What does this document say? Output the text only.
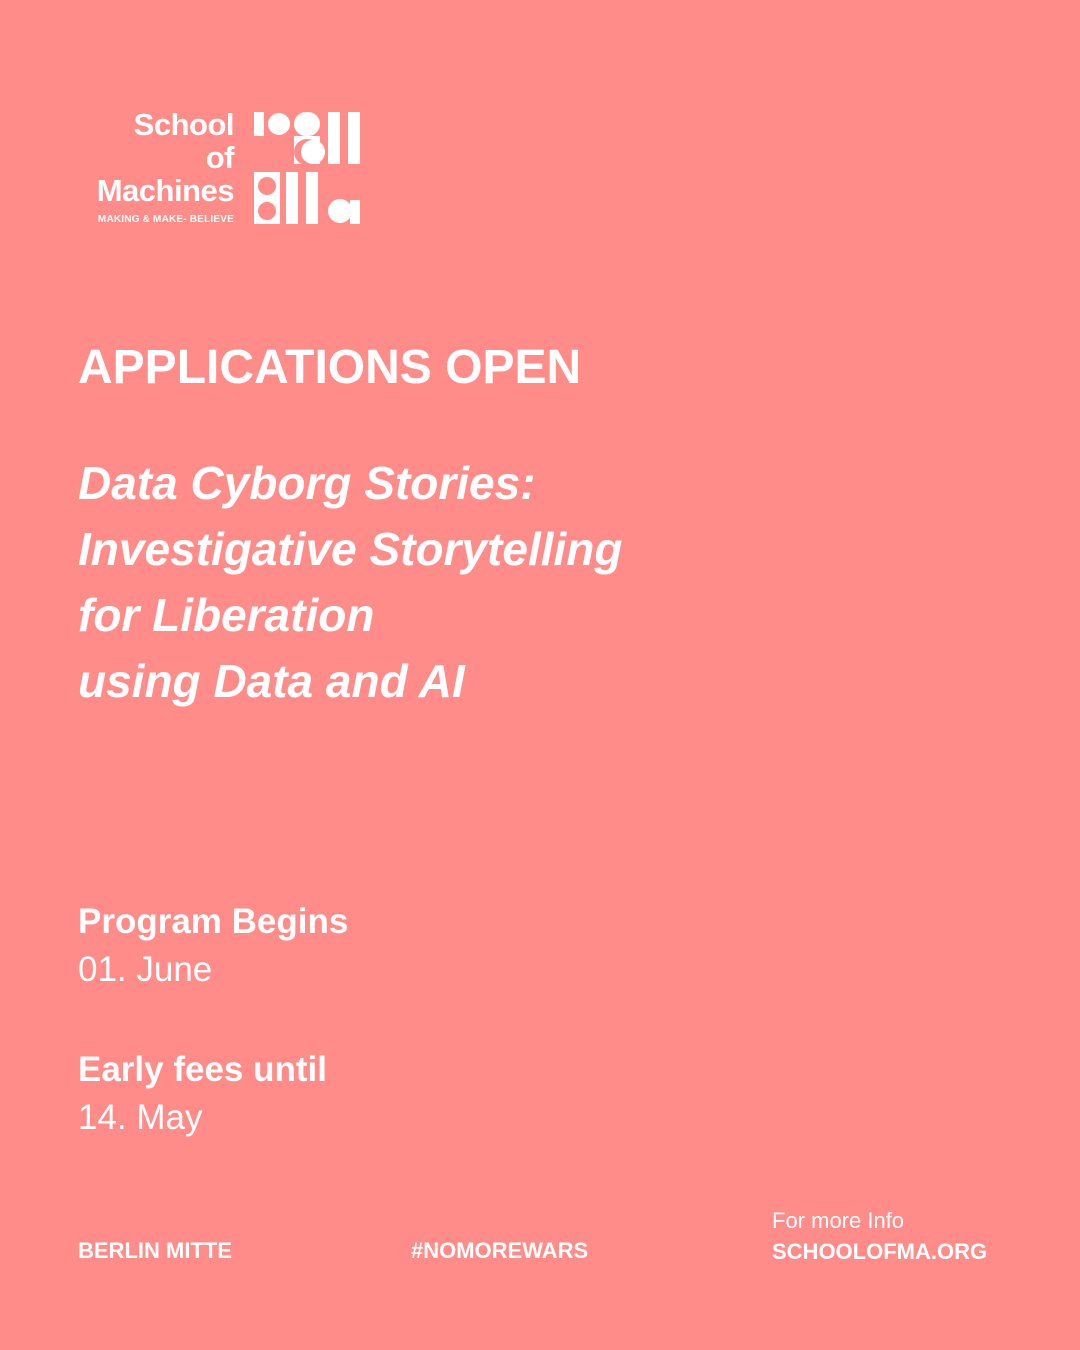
School
of
Machines
MAKING & MAKE- BELIEVE
APPLICATIONS OPEN
Data Cyborg Stories:
Investigative Storytelling
for Liberation
using Data and AI
Program Begins
01. June
Early fees until
14. May
BERLIN MITTE	#NOMOREWARS
For more Info
SCHOOLOFMA.ORG
